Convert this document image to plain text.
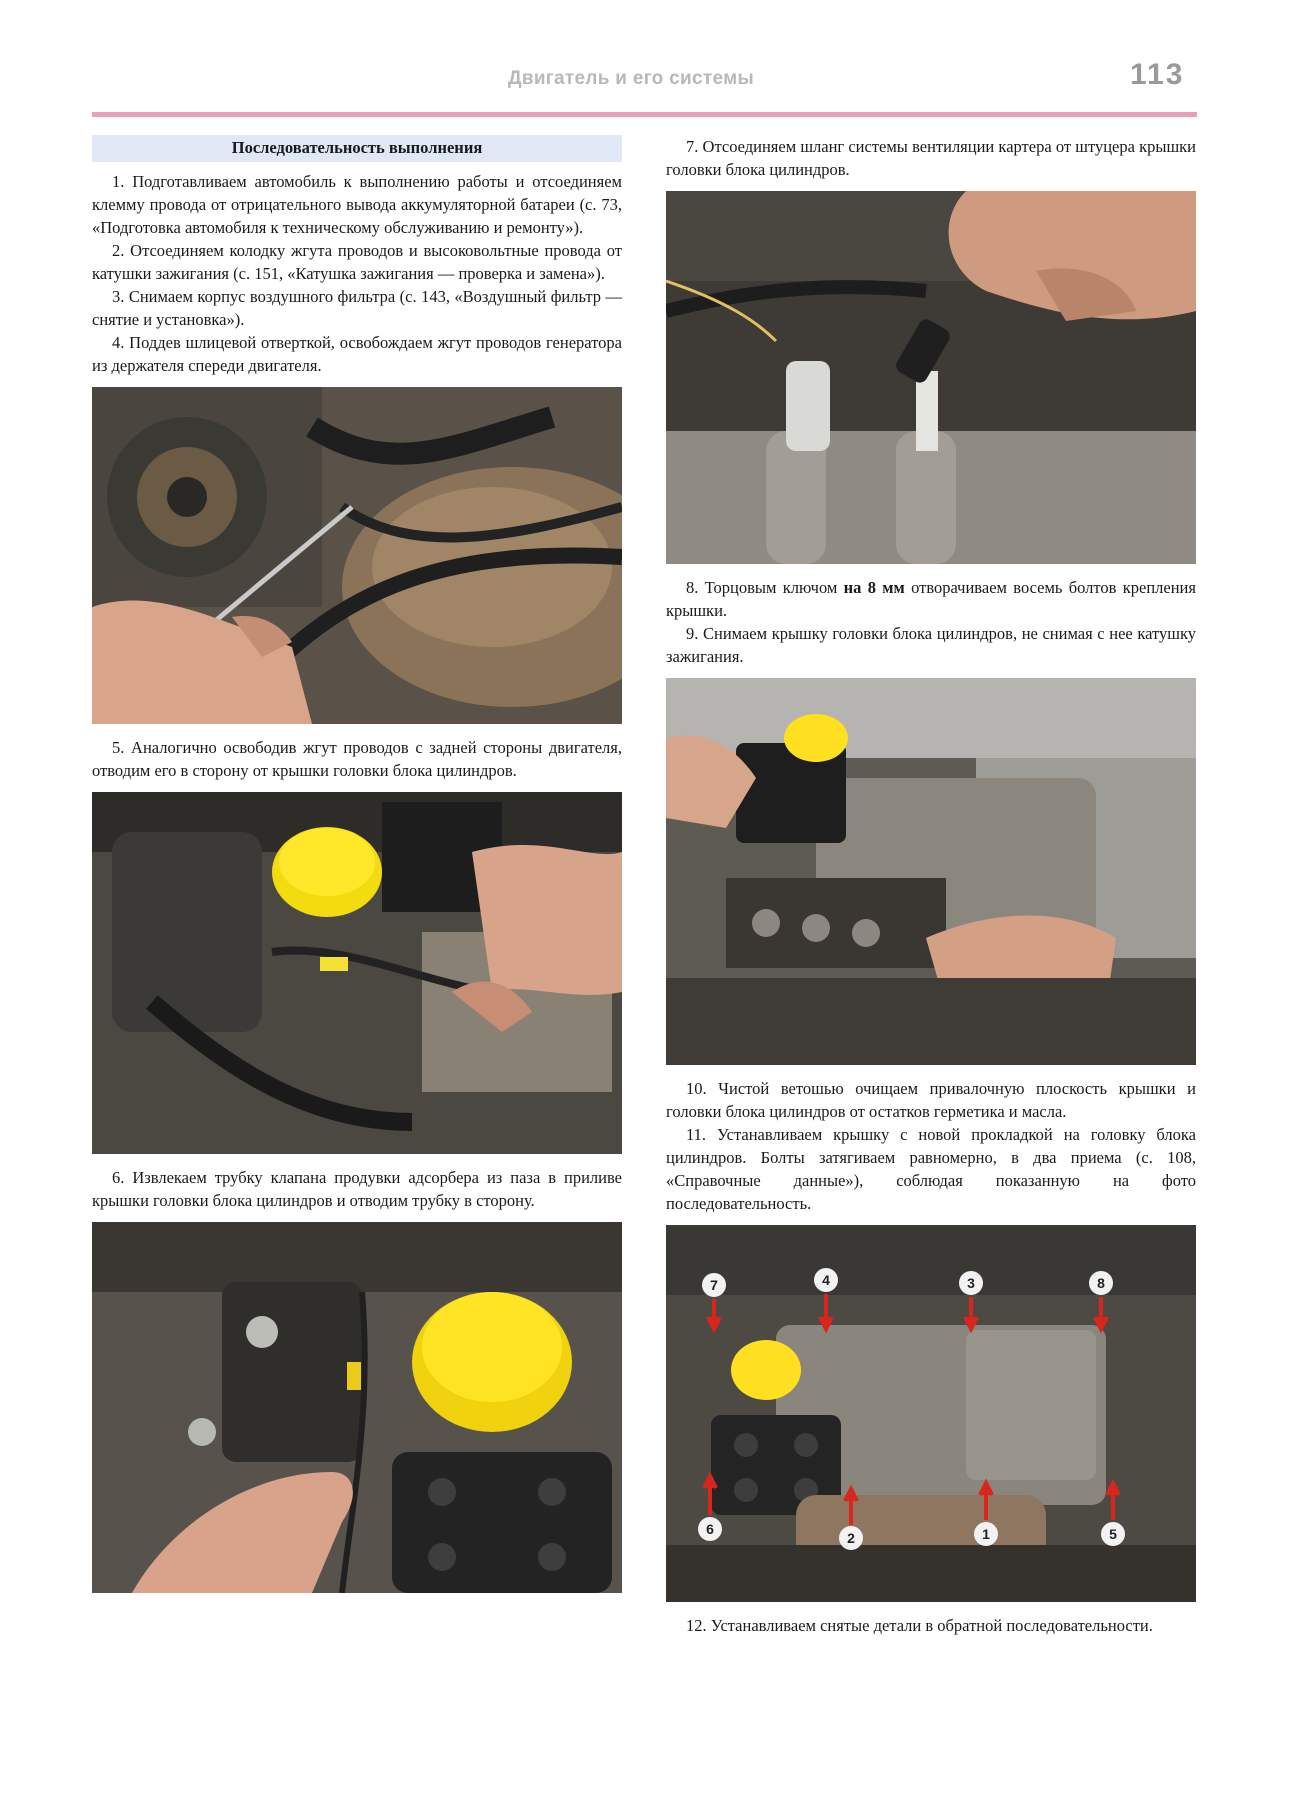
Двигатель и его системы	113
Последовательность выполнения

1. Подготавливаем автомобиль к выполнению работы и отсоединяем клемму провода от отрицательного вывода аккумуляторной батареи (с. 73, «Подготовка автомобиля к техническому обслуживанию и ремонту»).

2. Отсоединяем колодку жгута проводов и высоковольтные провода от катушки зажигания (с. 151, «Катушка зажигания — проверка и замена»).

3. Снимаем корпус воздушного фильтра (с. 143, «Воздушный фильтр — снятие и установка»).

4. Поддев шлицевой отверткой, освобождаем жгут проводов генератора из держателя спереди двигателя.

5. Аналогично освободив жгут проводов с задней стороны двигателя, отводим его в сторону от крышки головки блока цилиндров.

6. Извлекаем трубку клапана продувки адсорбера из паза в приливе крышки головки блока цилиндров и отводим трубку в сторону.

7. Отсоединяем шланг системы вентиляции картера от штуцера крышки головки блока цилиндров.

8. Торцовым ключом на 8 мм отворачиваем восемь болтов крепления крышки.

9. Снимаем крышку головки блока цилиндров, не снимая с нее катушку зажигания.

10. Чистой ветошью очищаем привалочную плоскость крышки и головки блока цилиндров от остатков герметика и масла.

11. Устанавливаем крышку с новой прокладкой на головку блока цилиндров. Болты затягиваем равномерно, в два приема (с. 108, «Справочные данные»), соблюдая показанную на фото последовательность.

7	4	3	8
6
2	1	5

12. Устанавливаем снятые детали в обратной последовательности.
